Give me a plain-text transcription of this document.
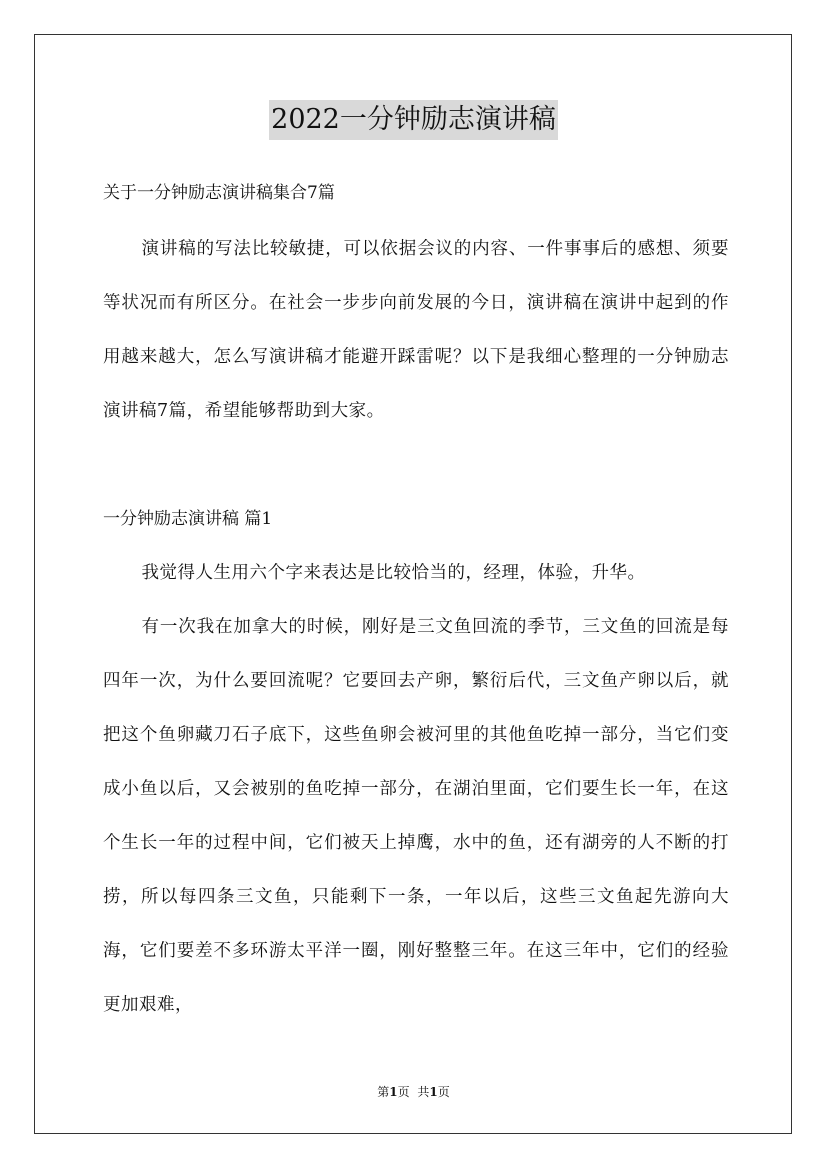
2022一分钟励志演讲稿
关于一分钟励志演讲稿集合7篇

演讲稿的写法比较敏捷，可以依据会议的内容、一件事事后的感想、须要等状况而有所区分。在社会一步步向前发展的今日，演讲稿在演讲中起到的作用越来越大，怎么写演讲稿才能避开踩雷呢？以下是我细心整理的一分钟励志演讲稿7篇，希望能够帮助到大家。

一分钟励志演讲稿 篇1

我觉得人生用六个字来表达是比较恰当的，经理，体验，升华。

有一次我在加拿大的时候，刚好是三文鱼回流的季节，三文鱼的回流是每四年一次，为什么要回流呢？它要回去产卵，繁衍后代，三文鱼产卵以后，就把这个鱼卵藏刀石子底下，这些鱼卵会被河里的其他鱼吃掉一部分，当它们变成小鱼以后，又会被别的鱼吃掉一部分，在湖泊里面，它们要生长一年，在这个生长一年的过程中间，它们被天上掉鹰，水中的鱼，还有湖旁的人不断的打捞，所以每四条三文鱼，只能剩下一条，一年以后，这些三文鱼起先游向大海，它们要差不多环游太平洋一圈，刚好整整三年。在这三年中，它们的经验更加艰难，

第1页 共1页
